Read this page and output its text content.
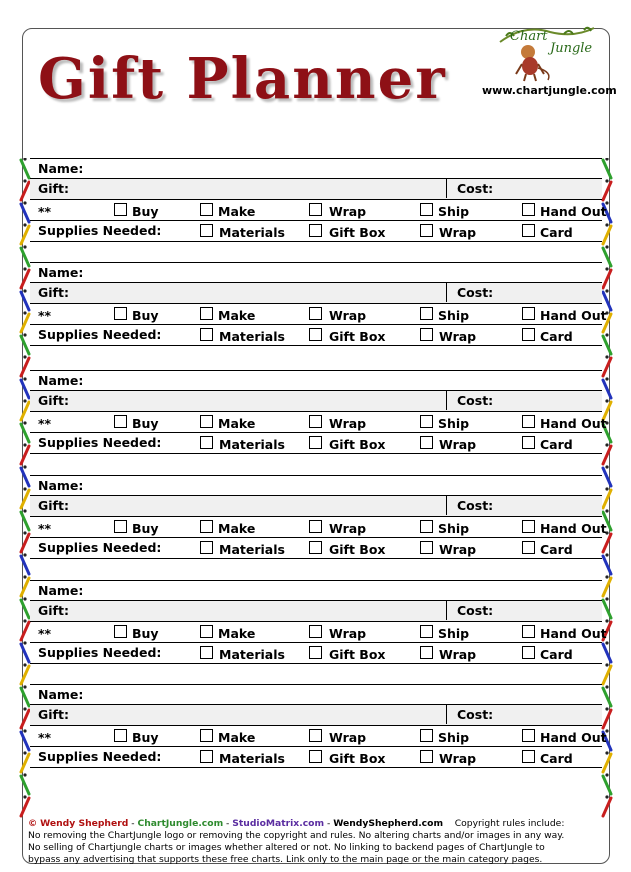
Gift Planner
Chart
Jungle
www.chartjungle.com
Name:
Gift:	Cost:
**	Buy	Make	Wrap	Ship	Hand Out
Supplies Needed:	Materials	Gift Box	Wrap	Card
Name:
Gift:	Cost:
**	Buy	Make	Wrap	Ship	Hand Out
Supplies Needed:	Materials	Gift Box	Wrap	Card
Name:
Gift:	Cost:
**	Buy	Make	Wrap	Ship	Hand Out
Supplies Needed:	Materials	Gift Box	Wrap	Card
Name:
Gift:	Cost:
**	Buy	Make	Wrap	Ship	Hand Out
Supplies Needed:	Materials	Gift Box	Wrap	Card
Name:
Gift:	Cost:
**	Buy	Make	Wrap	Ship	Hand Out
Supplies Needed:	Materials	Gift Box	Wrap	Card
Name:
Gift:	Cost:
**	Buy	Make	Wrap	Ship	Hand Out
Supplies Needed:	Materials	Gift Box	Wrap	Card
© Wendy Shepherd - ChartJungle.com - StudioMatrix.com - WendyShepherd.com Copyright rules include:
No removing the ChartJungle logo or removing the copyright and rules. No altering charts and/or images in any way.
No selling of Chartjungle charts or images whether altered or not. No linking to backend pages of ChartJungle to
bypass any advertising that supports these free charts. Link only to the main page or the main category pages.
